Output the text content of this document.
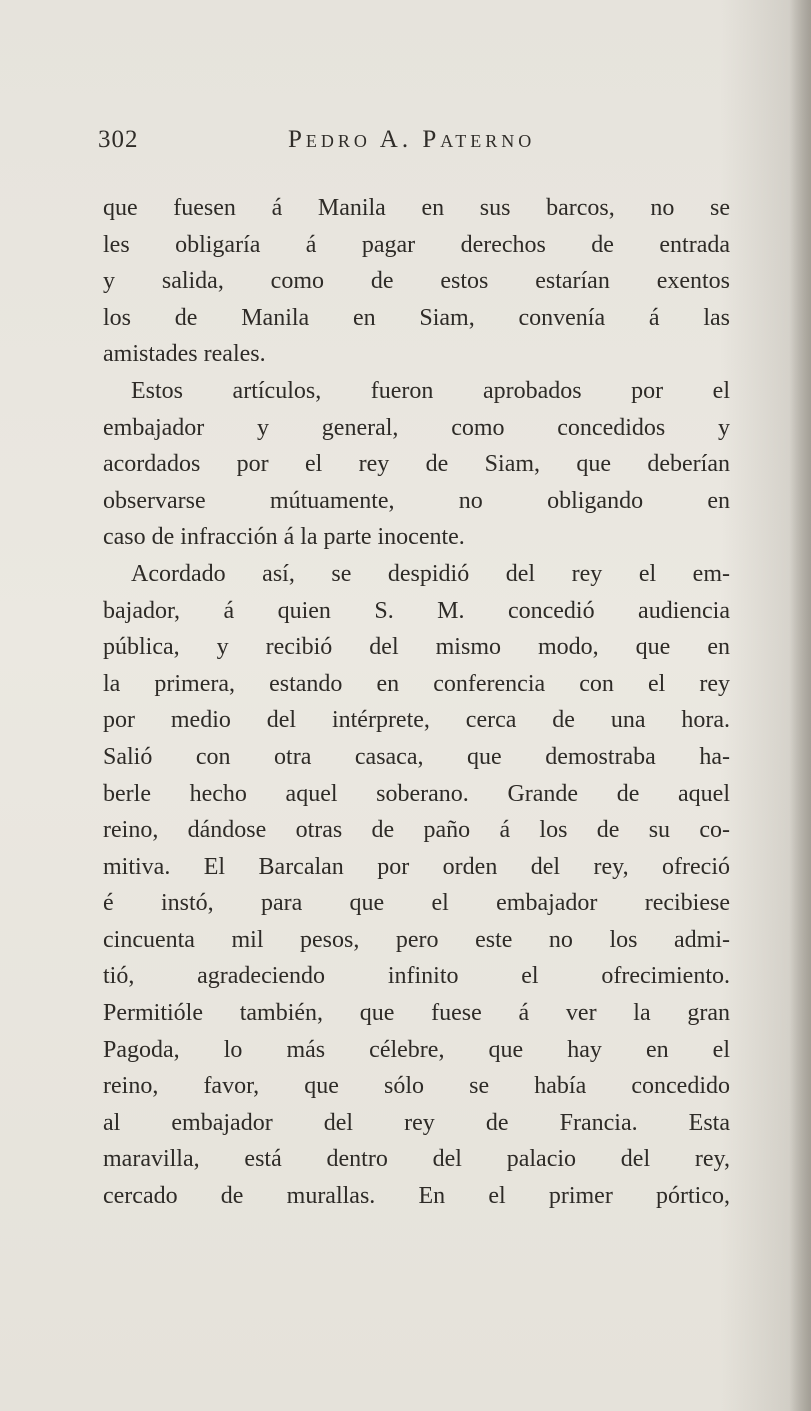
302	Pedro A. Paterno
que fuesen á Manila en sus barcos, no se
les obligaría á pagar derechos de entrada
y salida, como de estos estarían exentos
los de Manila en Siam, convenía á las
amistades reales.
Estos artículos, fueron aprobados por el
embajador y general, como concedidos y
acordados por el rey de Siam, que deberían
observarse mútuamente, no obligando en
caso de infracción á la parte inocente.
Acordado así, se despidió del rey el em-
bajador, á quien S. M. concedió audiencia
pública, y recibió del mismo modo, que en
la primera, estando en conferencia con el rey
por medio del intérprete, cerca de una hora.
Salió con otra casaca, que demostraba ha-
berle hecho aquel soberano. Grande de aquel
reino, dándose otras de paño á los de su co-
mitiva. El Barcalan por orden del rey, ofreció
é instó, para que el embajador recibiese
cincuenta mil pesos, pero este no los admi-
tió, agradeciendo infinito el ofrecimiento.
Permitióle también, que fuese á ver la gran
Pagoda, lo más célebre, que hay en el
reino, favor, que sólo se había concedido
al embajador del rey de Francia. Esta
maravilla, está dentro del palacio del rey,
cercado de murallas. En el primer pórtico,
